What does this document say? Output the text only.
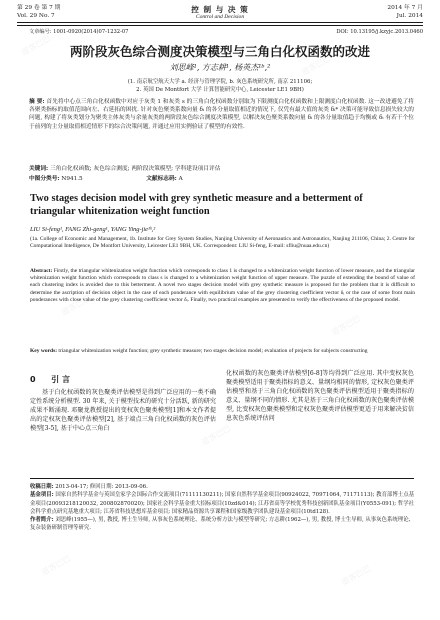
第 29 卷 第 7 期
Vol. 29 No. 7
控 制 与 决 策
Control and Decision
2014 年 7 月
Jul. 2014
文章编号: 1001-0920(2014)07-1232-07	DOI: 10.13195/j.kzyjc.2013.0460
两阶段灰色综合测度决策模型与三角白化权函数的改进
刘思峰¹, 方志耕¹, 杨英杰¹ᵇ,²
(1. 南京航空航天大学 a. 经济与管理学院, b. 灰色系统研究所, 南京 211106;
2. 英国 De Montfort 大学 计算智能研究中心, Leicester LE1 9BH)
摘 要: 首先将中心点三角白化权函数中对应于灰类 1 和灰类 s 的三角白化权函数分别取为下限测度白化权函数和上限测度白化权函数. 这一改进避免了将各聚类指标的取值范围向左、右延拓的困扰. 针对灰色聚类系数向量 δᵢ 的各分量取值相近的情况下, 仅凭有最大值的灰类 δᵢ* 决策可能导致信息损失较大的问题, 构建了将灰类划分为聚类主体灰类与余量灰类的两阶段灰色综合测度决策模型, 以解决灰色聚类系数向量 δᵢ 的各分量取值趋于均衡或 δᵢ 有若干个位于前列的主分量取值相近情形下的综合决策问题, 并通过应用实例验证了模型的有效性.
关键词: 三角白化权函数; 灰色综合测度; 两阶段决策模型; 学科建设项目评估
中图分类号: N941.5	文献标志码: A
Two stages decision model with grey synthetic measure and a betterment of triangular whitenization weight function
LIU Si-feng¹, FANG Zhi-geng¹, YANG Ying-jie¹ᵇ,²
(1a. College of Economic and Management, 1b. Institute for Grey System Studies, Nanjing University of Aeronautics and Astronautics, Nanjing 211106, China; 2. Centre for Computational Intelligence, De Montfort University, Leicester LE1 9BH, UK. Correspondent: LIU Si-feng, E-mail: sfliu@nuaa.edu.cn)
Abstract: Firstly, the triangular whitenization weight function which corresponds to class 1 is changed to a whitenization weight function of lower measure, and the triangular whitenization weight function which corresponds to class s is changed to a whitenization weight function of upper measure. The puzzle of extending the bound of value of each clustering index is avoided due to this betterment. A novel two stages decision model with grey synthetic measure is proposed for the problem that it is difficult to determine the ascription of decision object in the case of each ponderance with equilibrium value of the grey clustering coefficient vector δᵢ or the case of some front main ponderances with close value of the grey clustering coefficient vector δᵢ. Finally, two practical examples are presented to verify the effectiveness of the proposed model.
Key words: triangular whitenization weight function; grey synthetic measure; two stages decision model; evaluation of projects for subjects constructing
0 引 言
基于白化权函数的灰色聚类评估模型是得到广泛应用的一类不确定性系统分析模型. 30 年来, 关于模型技术的研究十分活跃, 新的研究成果不断涌现. 邓聚龙教授提出的变权灰色聚类模型[1]和本文作者提出的定权灰色聚类评估模型[2], 基于端点三角白化权函数的灰色评估模型[3-5], 基于中心点三角白
化权函数的灰色聚类评估模型[6-8]等均得到广泛应用. 其中变权灰色聚类模型适用于聚类指标的意义、量纲均相同的情形, 定权灰色聚类评估模型和基于三角白化权函数的灰色聚类评估模型适用于聚类指标的意义、量纲不同的情形. 尤其是基于三角白化权函数的灰色聚类评估模型, 比变权灰色聚类模型和定权灰色聚类评估模型更适于用来解决贫信息灰色系统评估问
收稿日期: 2013-04-17; 修回日期: 2013-09-06.
基金项目: 国家自然科学基金与英国皇家学会国际合作交流项目(71111130211); 国家自然科学基金项目(90924022, 70971064, 71171113); 教育部博士点基金项目(20093218120032, 200802870020); 国家社会科学基金重大招标项目(10zd&014); 江苏省高等学校优秀科技创新团队基金项目(Y0553-091); 哲学社会科学重点研究基地重大项目; 江苏省科技思想库基金项目; 国家精品资源共享课程和国家级教学团队建设基金项目(10td128).
作者简介: 刘思峰(1955—), 男, 教授, 博士生导师, 从事灰色系统理论、系统分析方法与模型等研究; 方志耕(1962—), 男, 教授, 博士生导师, 从事灰色系统理论、复杂装备研制管理等研究.
道客巴巴
道客巴巴
道客巴巴
道客巴巴
道客巴巴
道客巴巴
道客巴巴	道客巴巴
